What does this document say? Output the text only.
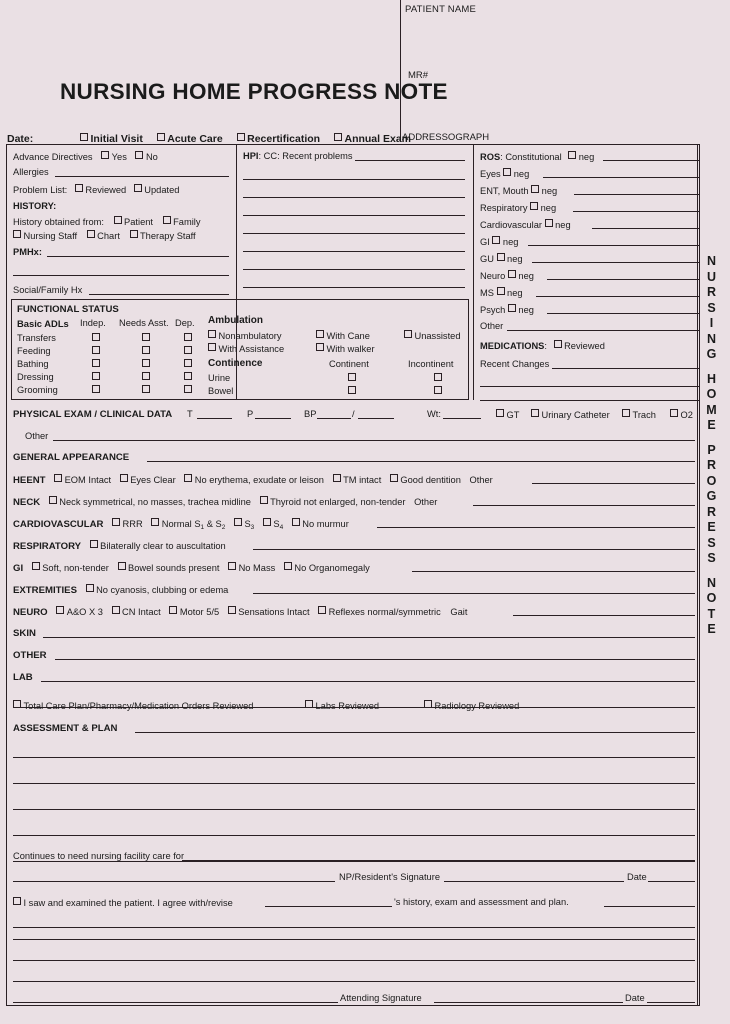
PATIENT NAME
MR#
ADDRESSOGRAPH
NURSING HOME PROGRESS NOTE
Date:	Initial Visit Acute Care Recertification Annual Exam
N
U
R
S
I
N
G
H
O
M
E
P
R
O
G
R
E
S
S
N
O
T
E
Advance Directives Yes No
Allergies
Problem List: Reviewed Updated
HISTORY:
History obtained from: Patient Family
Nursing Staff Chart Therapy Staff
PMHx:
Social/Family Hx
HPI: CC: Recent problems	ROS: Constitutional neg
Eyes neg
ENT, Mouth neg
Respiratory neg
Cardiovascular neg
GI neg
GU neg
Neuro neg
MS neg
Psych neg
Other
MEDICATIONS: Reviewed
Recent Changes
FUNCTIONAL STATUS
Basic ADLs Indep. Needs Asst. Dep.
Transfers
Feeding
Bathing
Dressing
Grooming
Ambulation
Nonambulatory	With Cane	Unassisted
With Assistance	With walker
Continence	Continent	Incontinent
Urine
Bowel
PHYSICAL EXAM / CLINICAL DATA T	P	BP	/	Wt:	GT	Urinary Catheter	Trach	O2
Other
GENERAL APPEARANCE
HEENT EOM Intact Eyes Clear No erythema, exudate or leison TM intact Good dentition Other
NECK Neck symmetrical, no masses, trachea midline Thyroid not enlarged, non-tender Other
CARDIOVASCULAR RRR Normal $S_1$ & $S_2$ $S_3$ $S_4$ No murmur
RESPIRATORY Bilaterally clear to auscultation
GI Soft, non-tender Bowel sounds present No Mass No Organomegaly
EXTREMITIES No cyanosis, clubbing or edema
NEURO A&O X 3 CN Intact Motor 5/5 Sensations Intact Reflexes normal/symmetric Gait
SKIN
OTHER
LAB
Total Care Plan/Pharmacy/Medication Orders Reviewed	Labs Reviewed	Radiology Reviewed
ASSESSMENT & PLAN
Continues to need nursing facility care for
NP/Resident's Signature	Date
I saw and examined the patient. I agree with/revise	's history, exam and assessment and plan.
Attending Signature	Date
